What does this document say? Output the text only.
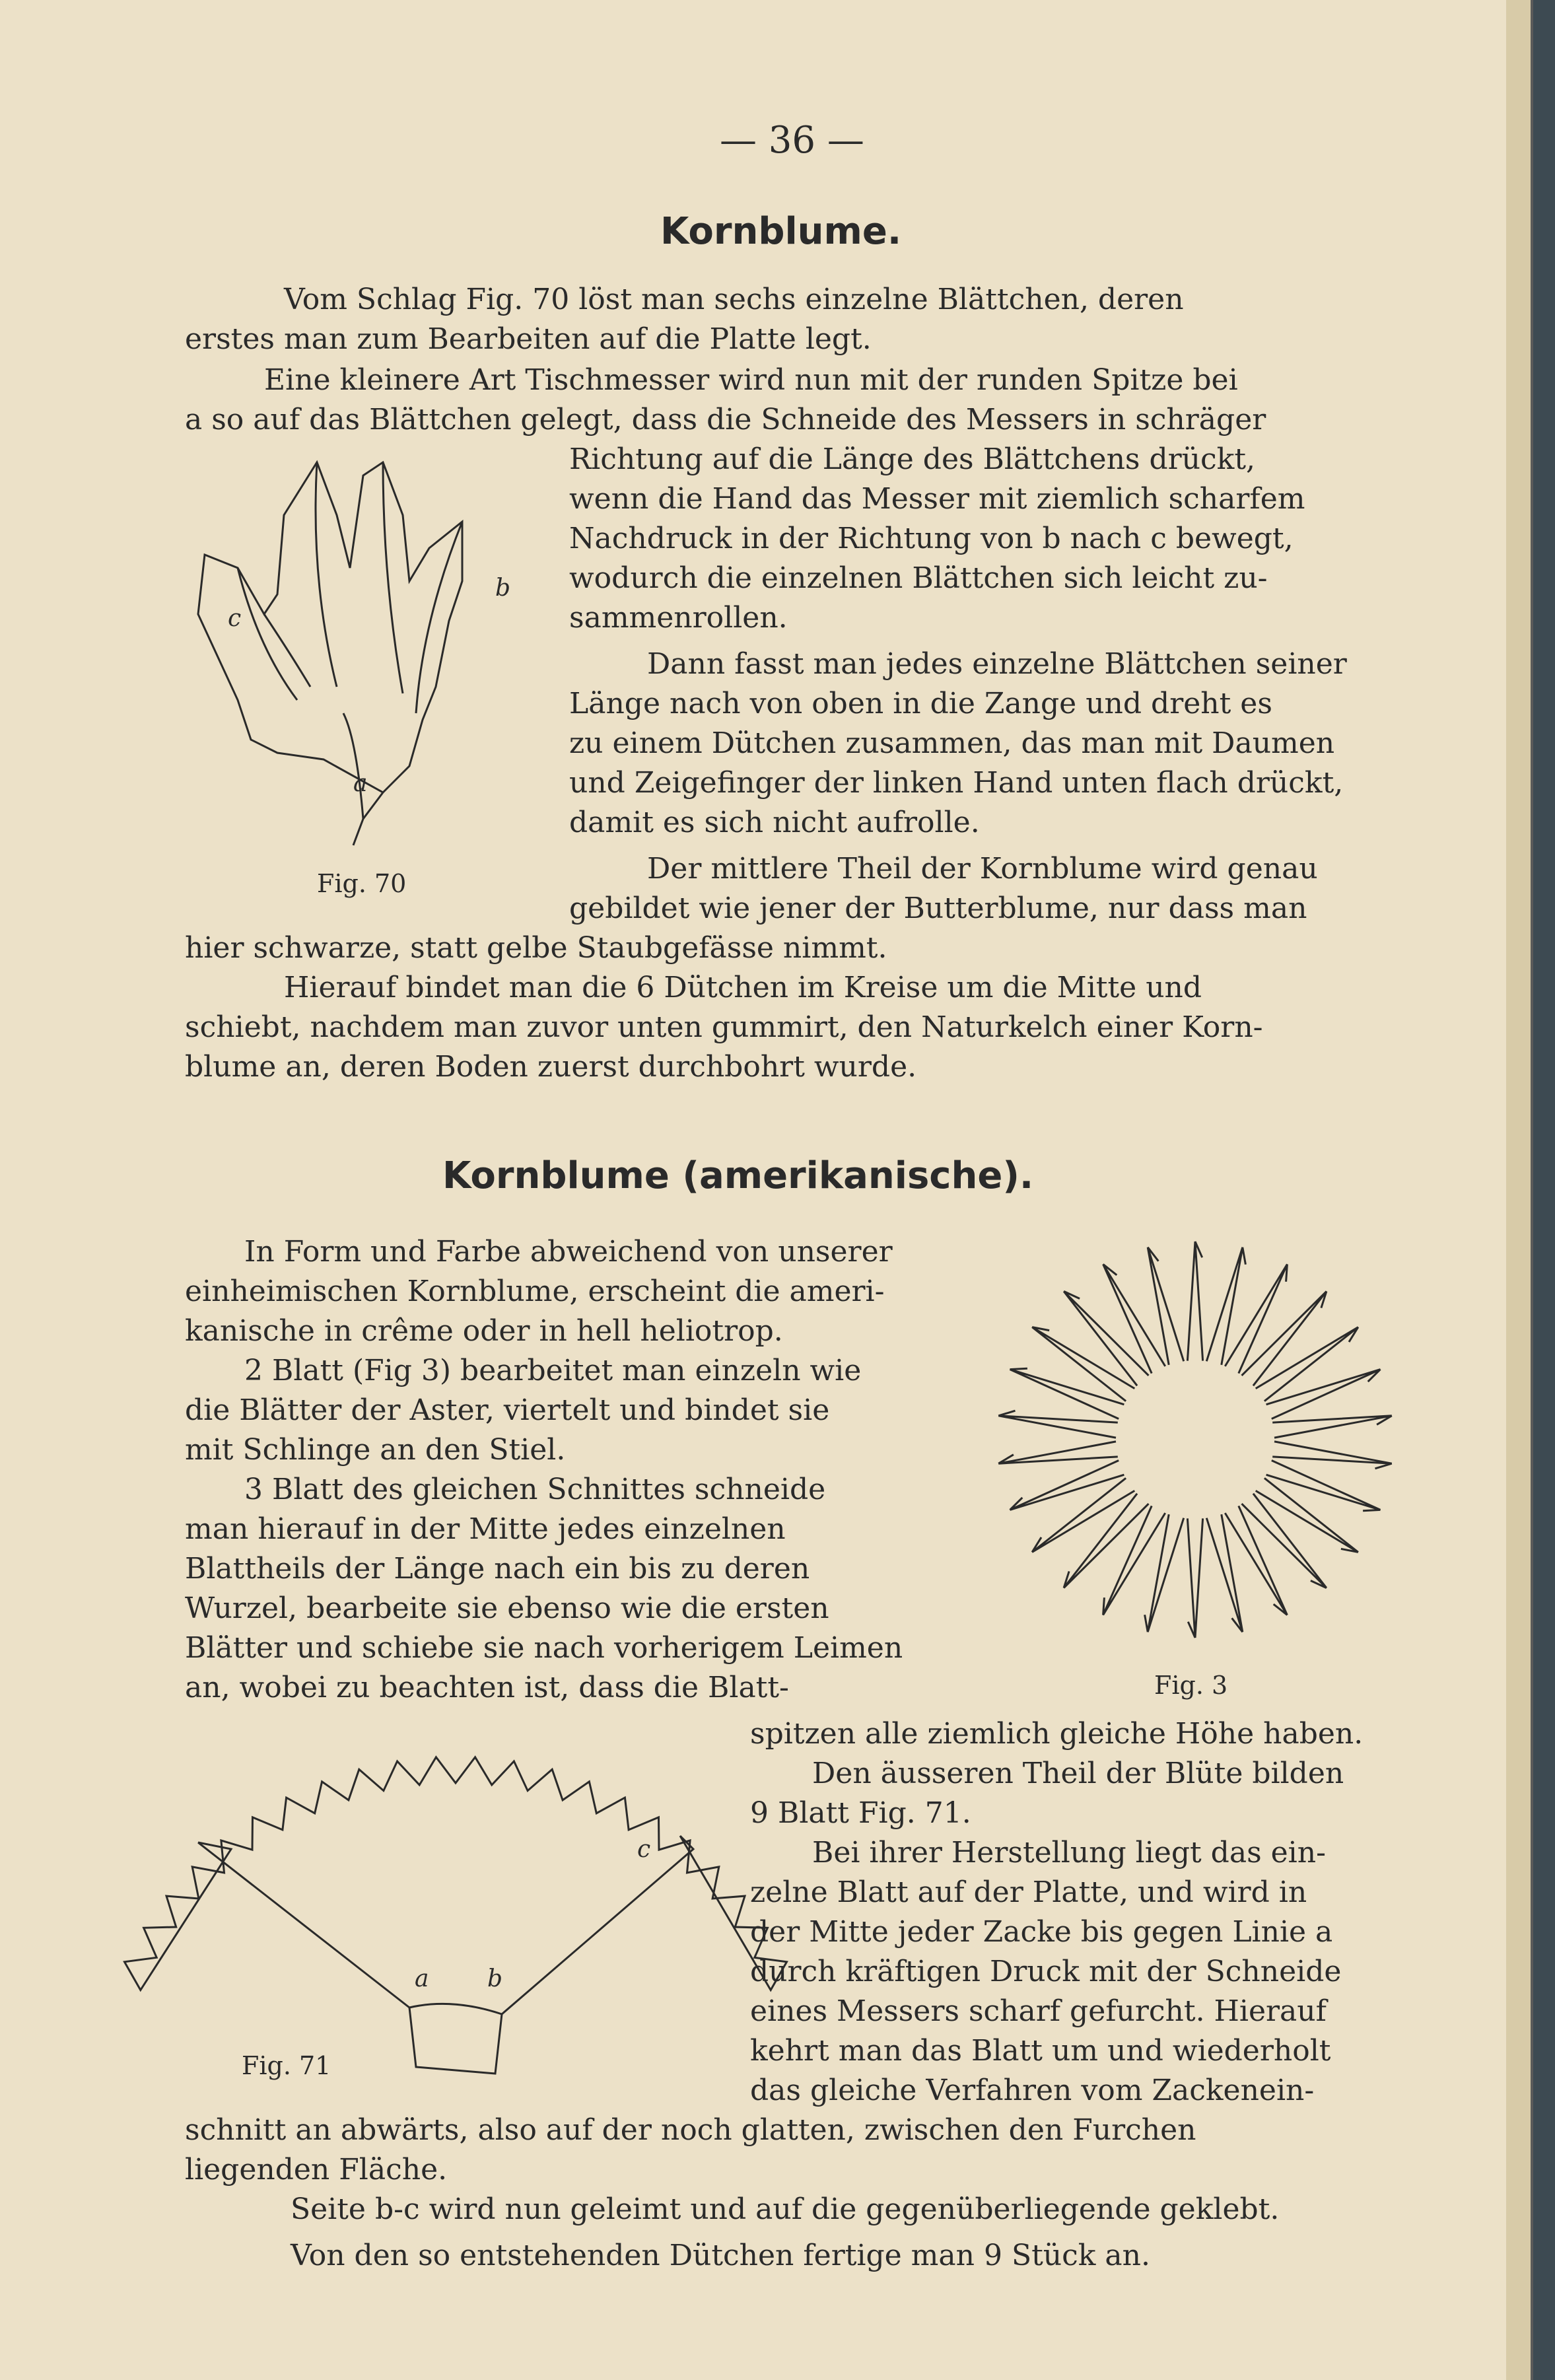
— 36 —
Kornblume.
Vom Schlag Fig. 70 löst man sechs einzelne Blättchen, deren
erstes man zum Bearbeiten auf die Platte legt.
Eine kleinere Art Tischmesser wird nun mit der runden Spitze bei
a so auf das Blättchen gelegt, dass die Schneide des Messers in schräger
Richtung auf die Länge des Blättchens drückt,
wenn die Hand das Messer mit ziemlich scharfem
Nachdruck in der Richtung von b nach c bewegt,
wodurch die einzelnen Blättchen sich leicht zu-
sammenrollen.
Dann fasst man jedes einzelne Blättchen seiner
Länge nach von oben in die Zange und dreht es
zu einem Dütchen zusammen, das man mit Daumen
und Zeigefinger der linken Hand unten flach drückt,
damit es sich nicht aufrolle.
Der mittlere Theil der Kornblume wird genau
gebildet wie jener der Butterblume, nur dass man
hier schwarze, statt gelbe Staubgefässe nimmt.
Hierauf bindet man die 6 Dütchen im Kreise um die Mitte und
schiebt, nachdem man zuvor unten gummirt, den Naturkelch einer Korn-
blume an, deren Boden zuerst durchbohrt wurde.
c
b
a
Fig. 70
Kornblume (amerikanische).
In Form und Farbe abweichend von unserer
einheimischen Kornblume, erscheint die ameri-
kanische in crême oder in hell heliotrop.
2 Blatt (Fig 3) bearbeitet man einzeln wie
die Blätter der Aster, viertelt und bindet sie
mit Schlinge an den Stiel.
3 Blatt des gleichen Schnittes schneide
man hierauf in der Mitte jedes einzelnen
Blattheils der Länge nach ein bis zu deren
Wurzel, bearbeite sie ebenso wie die ersten
Blätter und schiebe sie nach vorherigem Leimen
an, wobei zu beachten ist, dass die Blatt-
spitzen alle ziemlich gleiche Höhe haben.
Den äusseren Theil der Blüte bilden
9 Blatt Fig. 71.
Bei ihrer Herstellung liegt das ein-
zelne Blatt auf der Platte, und wird in
der Mitte jeder Zacke bis gegen Linie a
durch kräftigen Druck mit der Schneide
eines Messers scharf gefurcht. Hierauf
kehrt man das Blatt um und wiederholt
das gleiche Verfahren vom Zackenein-
schnitt an abwärts, also auf der noch glatten, zwischen den Furchen
liegenden Fläche.
Seite b-c wird nun geleimt und auf die gegenüberliegende geklebt.
Von den so entstehenden Dütchen fertige man 9 Stück an.
Fig. 3
c
a b
Fig. 71
